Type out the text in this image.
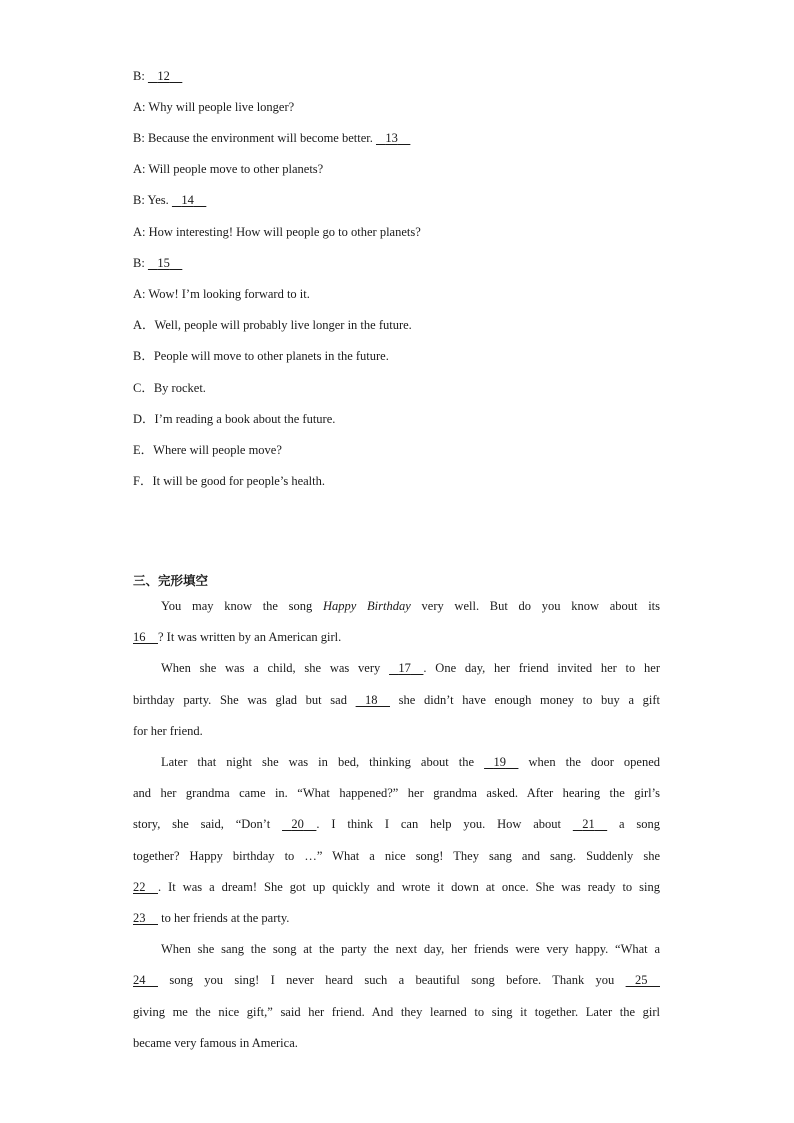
B: 12
A: Why will people live longer?
B: Because the environment will become better. 13
A: Will people move to other planets?
B: Yes. 14
A: How interesting! How will people go to other planets?
B: 15
A: Wow! I’m looking forward to it.
A．Well, people will probably live longer in the future.
B．People will move to other planets in the future.
C．By rocket.
D．I’m reading a book about the future.
E．Where will people move?
F．It will be good for people’s health.
三、完形填空
You may know the song Happy Birthday very well. But do you know about its
16 ? It was written by an American girl.
When she was a child, she was very 17 . One day, her friend invited her to her
birthday party. She was glad but sad 18 she didn’t have enough money to buy a gift
for her friend.
Later that night she was in bed, thinking about the 19 when the door opened
and her grandma came in. “What happened?” her grandma asked. After hearing the girl’s
story, she said, “Don’t 20 . I think I can help you. How about 21 a song
together? Happy birthday to …” What a nice song! They sang and sang. Suddenly she
22 . It was a dream! She got up quickly and wrote it down at once. She was ready to sing
23 to her friends at the party.
When she sang the song at the party the next day, her friends were very happy. “What a
24 song you sing! I never heard such a beautiful song before. Thank you 25
giving me the nice gift,” said her friend. And they learned to sing it together. Later the girl
became very famous in America.
